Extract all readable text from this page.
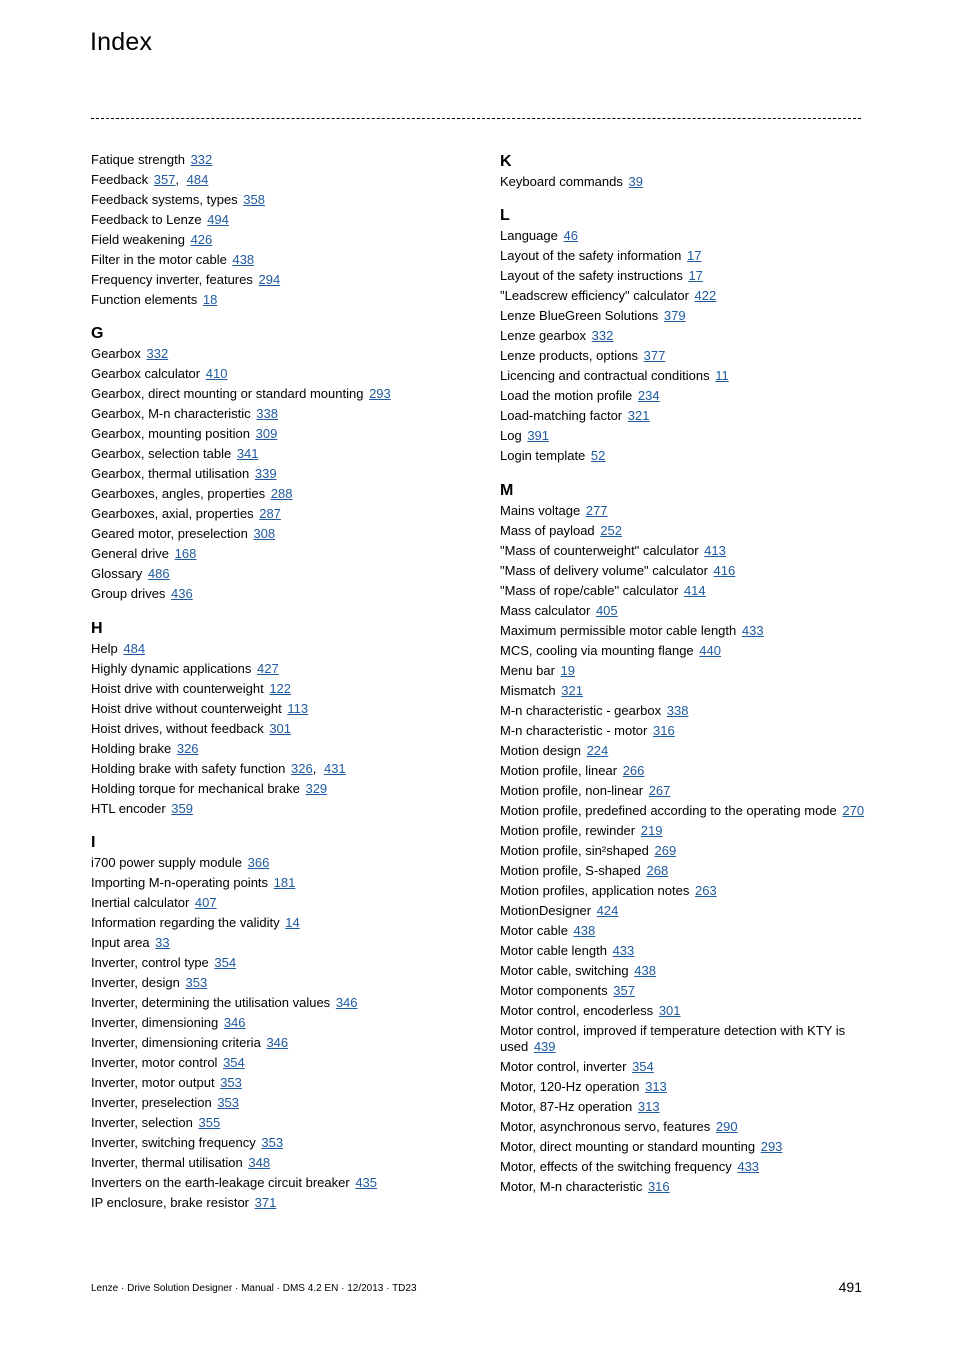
Index
Fatique strength 332
Feedback 357, 484
Feedback systems, types 358
Feedback to Lenze 494
Field weakening 426
Filter in the motor cable 438
Frequency inverter, features 294
Function elements 18
G
Gearbox 332
Gearbox calculator 410
Gearbox, direct mounting or standard mounting 293
Gearbox, M-n characteristic 338
Gearbox, mounting position 309
Gearbox, selection table 341
Gearbox, thermal utilisation 339
Gearboxes, angles, properties 288
Gearboxes, axial, properties 287
Geared motor, preselection 308
General drive 168
Glossary 486
Group drives 436
H
Help 484
Highly dynamic applications 427
Hoist drive with counterweight 122
Hoist drive without counterweight 113
Hoist drives, without feedback 301
Holding brake 326
Holding brake with safety function 326, 431
Holding torque for mechanical brake 329
HTL encoder 359
I
i700 power supply module 366
Importing M-n-operating points 181
Inertial calculator 407
Information regarding the validity 14
Input area 33
Inverter, control type 354
Inverter, design 353
Inverter, determining the utilisation values 346
Inverter, dimensioning 346
Inverter, dimensioning criteria 346
Inverter, motor control 354
Inverter, motor output 353
Inverter, preselection 353
Inverter, selection 355
Inverter, switching frequency 353
Inverter, thermal utilisation 348
Inverters on the earth-leakage circuit breaker 435
IP enclosure, brake resistor 371
K
Keyboard commands 39
L
Language 46
Layout of the safety information 17
Layout of the safety instructions 17
"Leadscrew efficiency" calculator 422
Lenze BlueGreen Solutions 379
Lenze gearbox 332
Lenze products, options 377
Licencing and contractual conditions 11
Load the motion profile 234
Load-matching factor 321
Log 391
Login template 52
M
Mains voltage 277
Mass of payload 252
"Mass of counterweight" calculator 413
"Mass of delivery volume" calculator 416
"Mass of rope/cable" calculator 414
Mass calculator 405
Maximum permissible motor cable length 433
MCS, cooling via mounting flange 440
Menu bar 19
Mismatch 321
M-n characteristic - gearbox 338
M-n characteristic - motor 316
Motion design 224
Motion profile, linear 266
Motion profile, non-linear 267
Motion profile, predefined according to the operating mode 270
Motion profile, rewinder 219
Motion profile, sin²shaped 269
Motion profile, S-shaped 268
Motion profiles, application notes 263
MotionDesigner 424
Motor cable 438
Motor cable length 433
Motor cable, switching 438
Motor components 357
Motor control, encoderless 301
Motor control, improved if temperature detection with KTY is used 439
Motor control, inverter 354
Motor, 120-Hz operation 313
Motor, 87-Hz operation 313
Motor, asynchronous servo, features 290
Motor, direct mounting or standard mounting 293
Motor, effects of the switching frequency 433
Motor, M-n characteristic 316
Lenze · Drive Solution Designer · Manual · DMS 4.2 EN · 12/2013 · TD23	491
